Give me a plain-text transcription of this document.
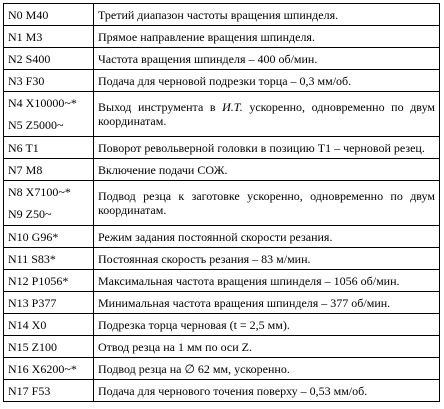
N0 M40	Третий диапазон частоты вращения шпинделя.
N1 M3	Прямое направление вращения шпинделя.
N2 S400	Частота вращения шпинделя – 400 об/мин.
N3 F30	Подача для черновой подрезки торца – 0,3 мм/об.
N4 X10000~*	Выход инструмента в И.Т. ускоренно, одновременно по двум координатам.
N5 Z5000~	
N6 T1	Поворот револьверной головки в позицию T1 – черновой резец.
N7 M8	Включение подачи СОЖ.
N8 X7100~*	Подвод резца к заготовке ускоренно, одновременно по двум координатам.
N9 Z50~	
N10 G96*	Режим задания постоянной скорости резания.
N11 S83*	Постоянная скорость резания – 83 м/мин.
N12 P1056*	Максимальная частота вращения шпинделя – 1056 об/мин.
N13 P377	Минимальная частота вращения шпинделя – 377 об/мин.
N14 X0	Подрезка торца черновая (t = 2,5 мм).
N15 Z100	Отвод резца на 1 мм по оси Z.
N16 X6200~*	Подвод резца на ∅ 62 мм, ускоренно.
N17 F53	Подача для чернового точения поверху – 0,53 мм/об.
